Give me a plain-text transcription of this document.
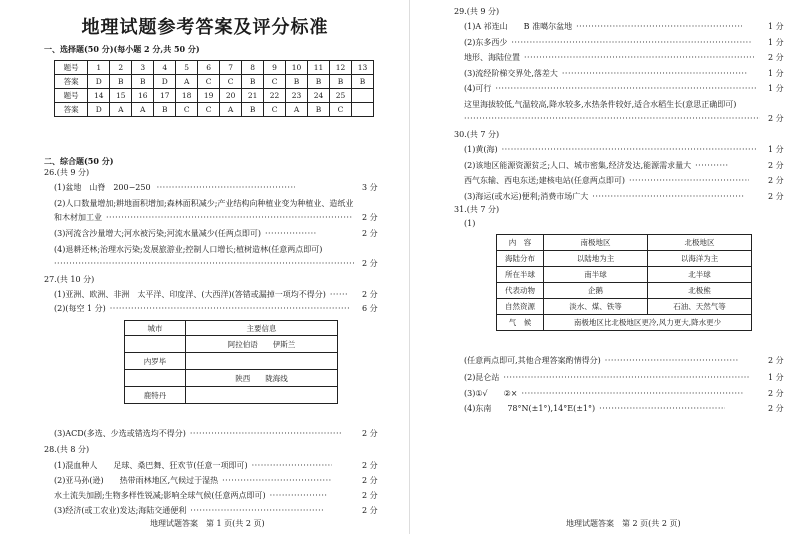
地理试题参考答案及评分标准
一、选择题(50 分)(每小题 2 分,共 50 分)
题号	1	2	3	4	5	6	7	8	9	10	11	12	13
答案	D	B	B	D	A	C	C	B	C	B	B	B	B
题号	14	15	16	17	18	19	20	21	22	23	24	25	
答案	D	A	A	B	C	C	A	B	C	A	B	C	
二、综合题(50 分)
26.(共 9 分)
(1)盆地　山脊　200−250 ·····	3 分
(2)人口数量增加;耕地面积增加;森林面积减少;产业结构向种植业变为种植业、造纸业
和木材加工业 ·····	2 分
(3)河流含沙量增大;河水被污染;河流水量减少(任两点即可) ·····	2 分
(4)退耕还林;治理水污染;发展旅游业;控制人口增长;植树造林(任意两点即可)
·····
2 分
27.(共 10 分)
(1)亚洲、欧洲、非洲　太平洋、印度洋、(大西洋)(答错或漏掉一项均不得分) ·····	2 分
(2)(每空 1 分) ·····	6 分
城市	主要信息
	阿拉伯语　　伊斯兰
内罗毕	
	陕西　　陇海线
鹿特丹	
(3)ACD(多选、少选或错选均不得分) ·····	2 分
28.(共 8 分)
(1)混血种人　　足球、桑巴舞、狂欢节(任意一项即可) ·····	2 分
(2)亚马孙(逊)　　热带雨林地区,气候过于湿热 ·····	2 分
水土流失加剧;生物多样性锐减;影响全球气候(任意两点即可) ·····	2 分
(3)经济(或工农业)发达;海陆交通便利 ·····	2 分
地理试题答案　第 1 页(共 2 页)
29.(共 9 分)
(1)A 祁连山　　B 准噶尔盆地 ·····	1 分
(2)东多西少 ·····	1 分
地形、海陆位置 ·····	2 分
(3)流经阶梯交界处,落差大 ·····	1 分
(4)可行 ·····	1 分
这里海拔较低,气温较高,降水较多,水热条件较好,适合水稻生长(意思正确即可)
·····
2 分
30.(共 7 分)
(1)黄(海) ·····	1 分
(2)该地区能源资源贫乏;人口、城市密集,经济发达,能源需求量大 ·····	2 分
西气东输、西电东送;建核电站(任意两点即可) ·····	2 分
(3)海运(或水运)便利;消费市场广大 ·····	2 分
31.(共 7 分)
(1)
内　容	南极地区	北极地区
海陆分布	以陆地为主	以海洋为主
所在半球	南半球	北半球
代表动物	企鹅	北极熊
自然资源	淡水、煤、铁等	石油、天然气等
气　候	南极地区比北极地区更冷,风力更大,降水更少	
(任意两点即可,其他合理答案酌情得分) ·····	2 分
(2)昆仑站 ·····	1 分
(3)①√　　②× ·····	2 分
(4)东南　　78°N(±1°),14°E(±1°) ·····	2 分
地理试题答案　第 2 页(共 2 页)
